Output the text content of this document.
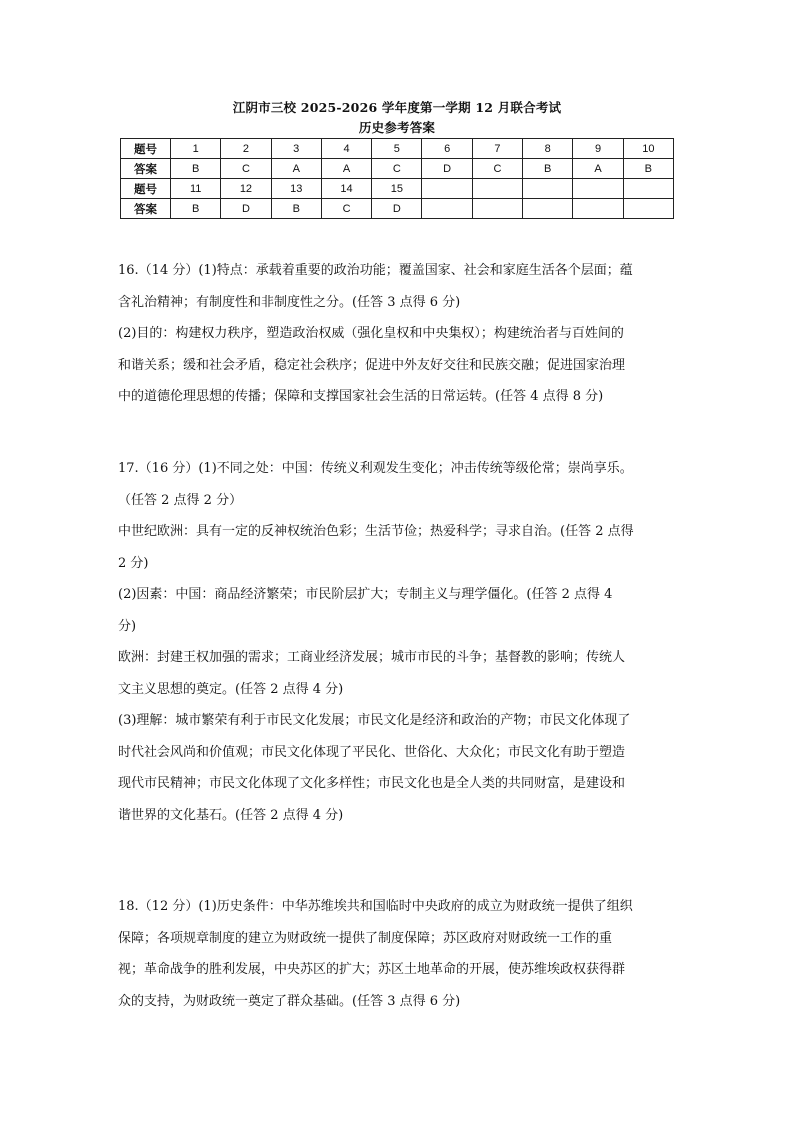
江阴市三校 2025-2026 学年度第一学期 12 月联合考试
历史参考答案
题号	1	2	3	4	5	6	7	8	9	10
答案	B	C	A	A	C	D	C	B	A	B
题号	11	12	13	14	15					
答案	B	D	B	C	D					
16.（14 分）(1)特点：承载着重要的政治功能；覆盖国家、社会和家庭生活各个层面；蕴
含礼治精神；有制度性和非制度性之分。(任答 3 点得 6 分)
(2)目的：构建权力秩序，塑造政治权威（强化皇权和中央集权）；构建统治者与百姓间的
和谐关系；缓和社会矛盾，稳定社会秩序；促进中外友好交往和民族交融；促进国家治理
中的道德伦理思想的传播；保障和支撑国家社会生活的日常运转。(任答 4 点得 8 分)
17.（16 分）(1)不同之处：中国：传统义利观发生变化；冲击传统等级伦常；崇尚享乐。
（任答 2 点得 2 分）
中世纪欧洲：具有一定的反神权统治色彩；生活节俭；热爱科学；寻求自治。(任答 2 点得
2 分)
(2)因素：中国：商品经济繁荣；市民阶层扩大；专制主义与理学僵化。(任答 2 点得 4
分)
欧洲：封建王权加强的需求；工商业经济发展；城市市民的斗争；基督教的影响；传统人
文主义思想的奠定。(任答 2 点得 4 分)
(3)理解：城市繁荣有利于市民文化发展；市民文化是经济和政治的产物；市民文化体现了
时代社会风尚和价值观；市民文化体现了平民化、世俗化、大众化；市民文化有助于塑造
现代市民精神；市民文化体现了文化多样性；市民文化也是全人类的共同财富，是建设和
谐世界的文化基石。(任答 2 点得 4 分)
18.（12 分）(1)历史条件：中华苏维埃共和国临时中央政府的成立为财政统一提供了组织
保障；各项规章制度的建立为财政统一提供了制度保障；苏区政府对财政统一工作的重
视；革命战争的胜利发展，中央苏区的扩大；苏区土地革命的开展，使苏维埃政权获得群
众的支持，为财政统一奠定了群众基础。(任答 3 点得 6 分)
